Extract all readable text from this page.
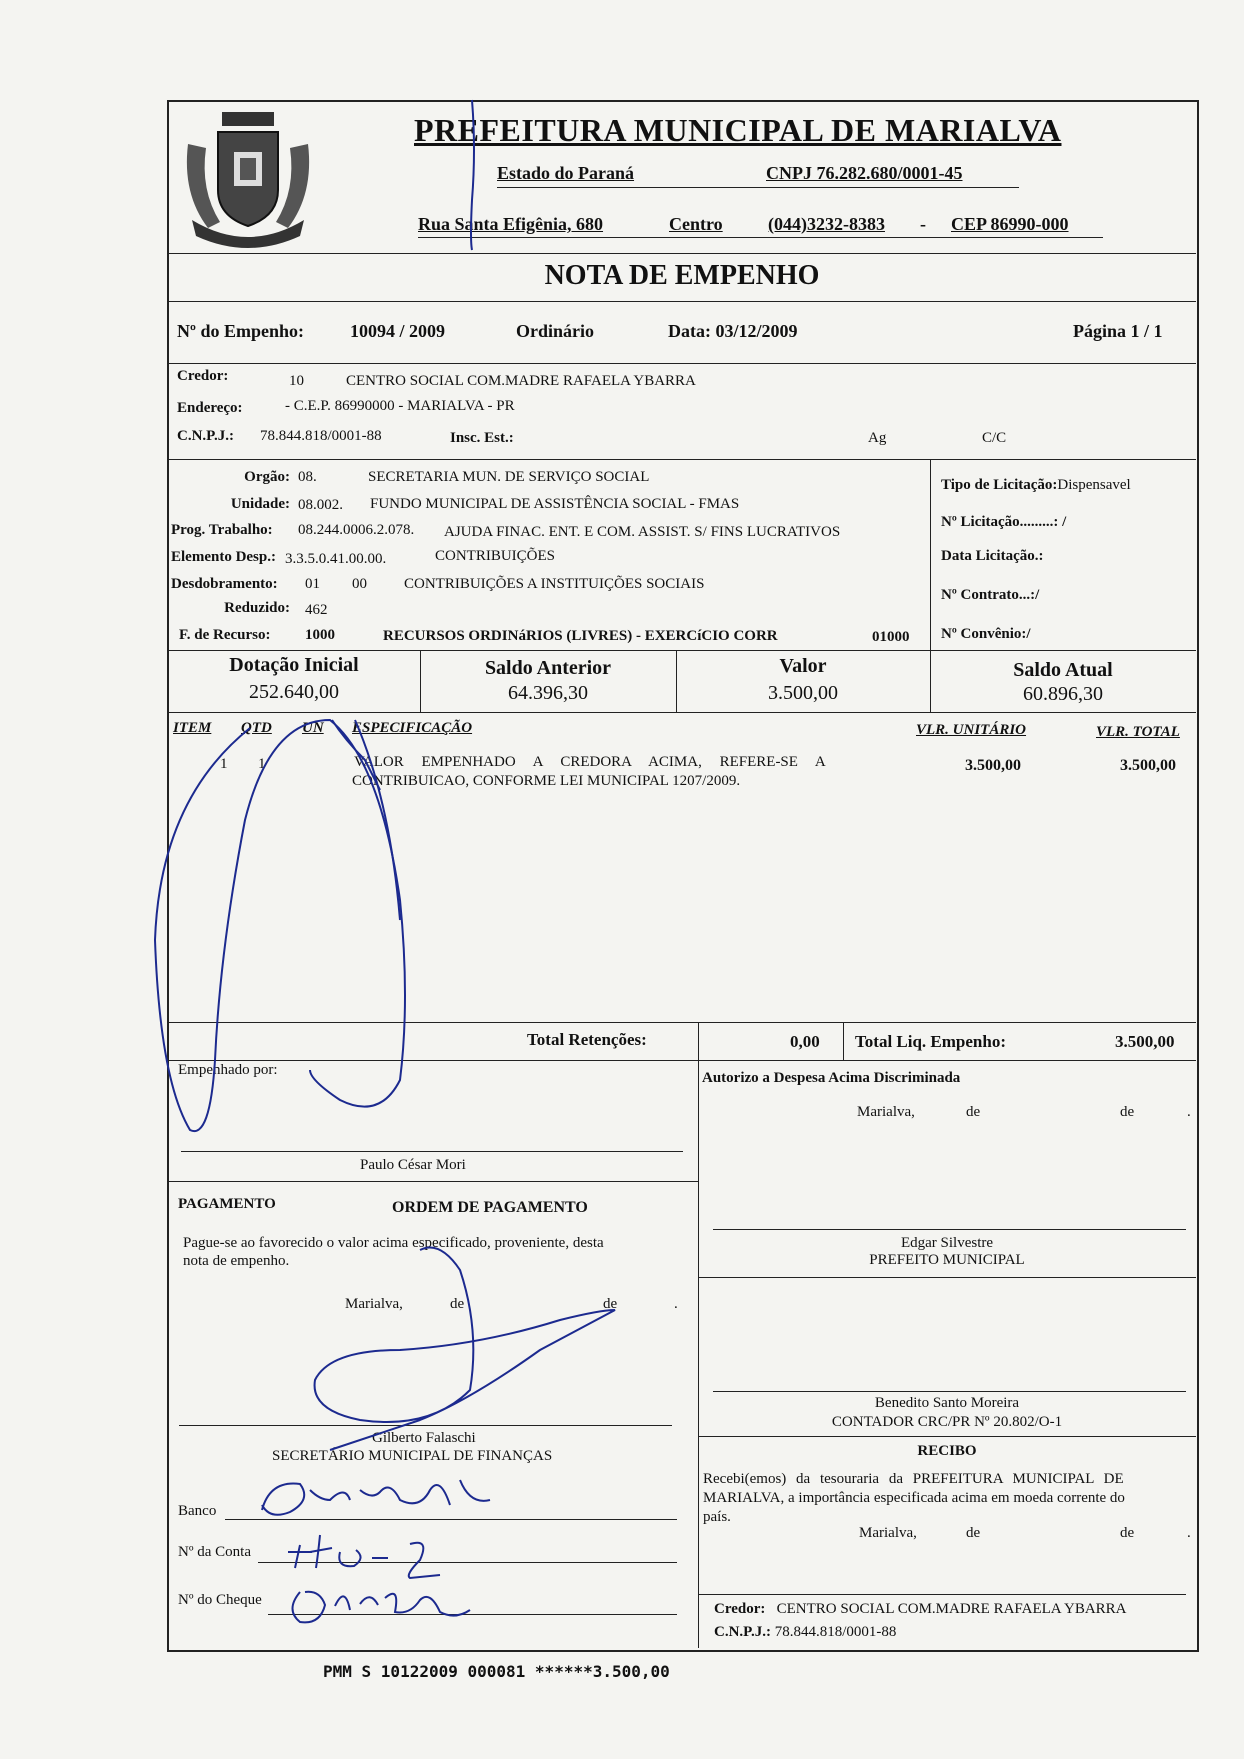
PREFEITURA MUNICIPAL DE MARIALVA
Estado do Paraná	CNPJ 76.282.680/0001-45
Rua Santa Efigênia, 680	Centro	(044)3232-8383 - CEP 86990-000
NOTA DE EMPENHO
Nº do Empenho:	10094 / 2009	Ordinário	Data: 03/12/2009	Página 1 / 1
Credor:	10	CENTRO SOCIAL COM.MADRE RAFAELA YBARRA
Endereço:	- C.E.P. 86990000 - MARIALVA - PR
C.N.P.J.: 78.844.818/0001-88	Insc. Est.:	Ag	C/C
Orgão: 08.	SECRETARIA MUN. DE SERVIÇO SOCIAL
Unidade: 08.002. FUNDO MUNICIPAL DE ASSISTÊNCIA SOCIAL - FMAS
Prog. Trabalho: 08.244.0006.2.078. AJUDA FINAC. ENT. E COM. ASSIST. S/ FINS LUCRATIVOS
Elemento Desp.: 3.3.5.0.41.00.00.	CONTRIBUIÇÕES
Desdobramento: 01 00 CONTRIBUIÇÕES A INSTITUIÇÕES SOCIAIS
Reduzido: 462
F. de Recurso: 1000	RECURSOS ORDINáRIOS (LIVRES) - EXERCíCIO CORR	01000
Tipo de Licitação:Dispensavel
Nº Licitação.........: /
Data Licitação.:
Nº Contrato...:/
Nº Convênio:/
Dotação Inicial
252.640,00
Saldo Anterior
64.396,30
Valor
3.500,00
Saldo Atual
60.896,30
ITEM QTD UN ESPECIFICAÇÃO	VLR. UNITÁRIO	VLR. TOTAL
1 1	VALOR EMPENHADO A CREDORA ACIMA, REFERE-SE A
CONTRIBUICAO, CONFORME LEI MUNICIPAL 1207/2009.
3.500,00	3.500,00
Total Retenções:	0,00 Total Liq. Empenho:	3.500,00
Empenhado por:
Paulo César Mori
Autorizo a Despesa Acima Discriminada
Marialva,	de	de	.
Edgar Silvestre
PREFEITO MUNICIPAL
Benedito Santo Moreira
CONTADOR CRC/PR Nº 20.802/O-1
PAGAMENTO	ORDEM DE PAGAMENTO
Pague-se ao favorecido o valor acima especificado, proveniente, desta
nota de empenho.
Marialva,	de	de	.
Gilberto Falaschi
SECRETÁRIO MUNICIPAL DE FINANÇAS
Banco
Nº da Conta
Nº do Cheque
RECIBO
Recebi(emos) da tesouraria da PREFEITURA MUNICIPAL DE
MARIALVA, a importância especificada acima em moeda corrente do
país.
Marialva,	de	de	.
Credor: CENTRO SOCIAL COM.MADRE RAFAELA YBARRA
C.N.P.J.: 78.844.818/0001-88
PMM S 10122009 000081 ******3.500,00
